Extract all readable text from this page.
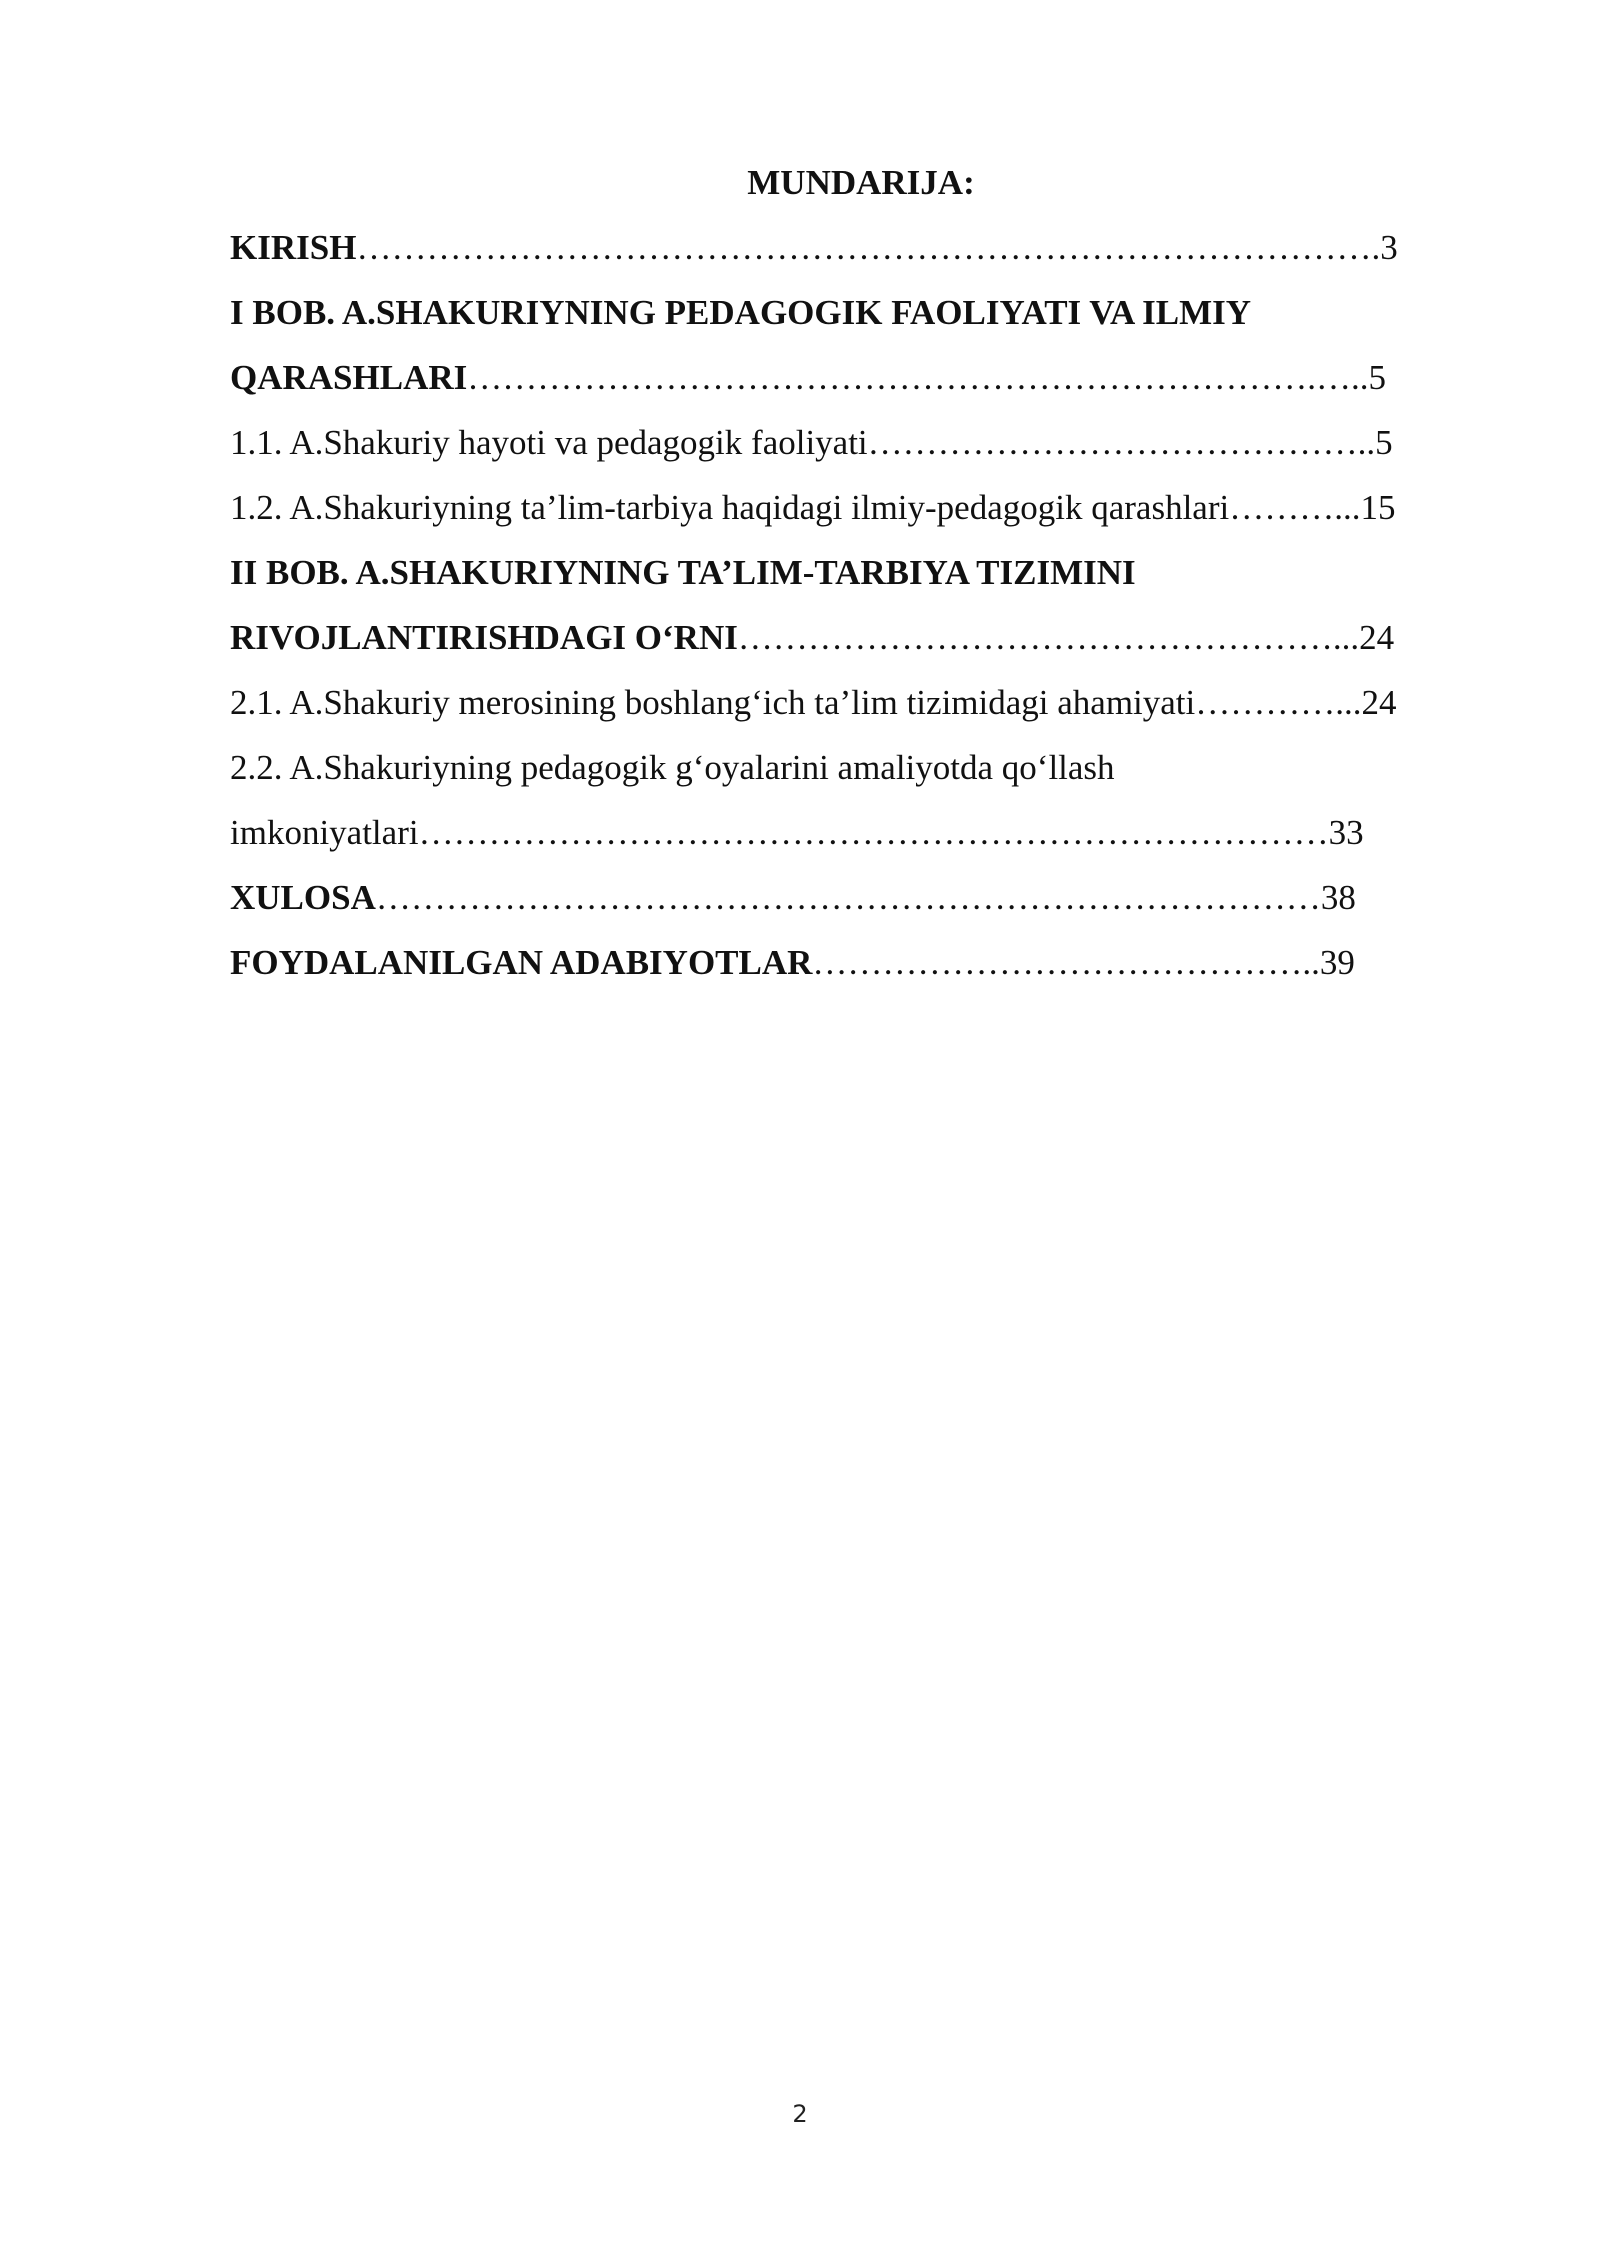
MUNDARIJA:
KIRISH…………………………………………………………………………….3
I BOB. A.SHAKURIYNING PEDAGOGIK FAOLIYATI VA ILMIY
QARASHLARI……………………………………………………………….…..5
1.1. A.Shakuriy hayoti va pedagogik faoliyati……………………………………..5
1.2. A.Shakuriyning ta’lim-tarbiya haqidagi ilmiy-pedagogik qarashlari………...15
II BOB. A.SHAKURIYNING TA’LIM-TARBIYA TIZIMINI
RIVOJLANTIRISHDAGI O‘RNI……………………………………………...24
2.1. A.Shakuriy merosining boshlang‘ich ta’lim tizimidagi ahamiyati…………...24
2.2. A.Shakuriyning pedagogik g‘oyalarini amaliyotda qo‘llash
imkoniyatlari……………………………………………………………………33
XULOSA………………………………………………………………………38
FOYDALANILGAN ADABIYOTLAR……………………………………..39
2
